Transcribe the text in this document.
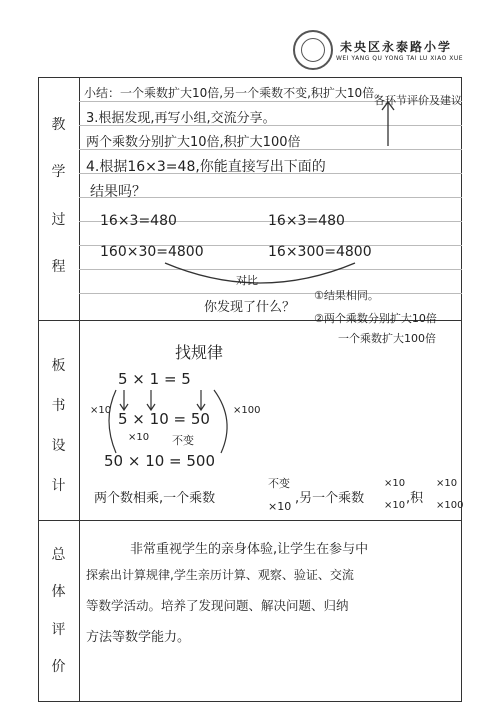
未央区永泰路小学
WEI YANG QU YONG TAI LU XIAO XUE
教
学
过
程
板
书
设
计
总
体
评
价
各环节评价及建议
小结：一个乘数扩大10倍,另一个乘数不变,积扩大10倍。
3.根据发现,再写小组,交流分享。
两个乘数分别扩大10倍,积扩大100倍
4.根据16×3=48,你能直接写出下面的
结果吗？
16×3=480	16×3=480
160×30=4800	16×300=4800
对比
你发现了什么？
①结果相同。
②两个乘数分别扩大10倍
一个乘数扩大100倍
找规律
5 × 1 = 5
5 × 10 = 50
50 × 10 = 500
×10
×10 不变
×100
两个数相乘,一个乘数
不变
×10
,另一个乘数
×10
×10 ,积
×10
×100
非常重视学生的亲身体验,让学生在参与中
探索出计算规律,学生亲历计算、观察、验证、交流
等数学活动。培养了发现问题、解决问题、归纳
方法等数学能力。
